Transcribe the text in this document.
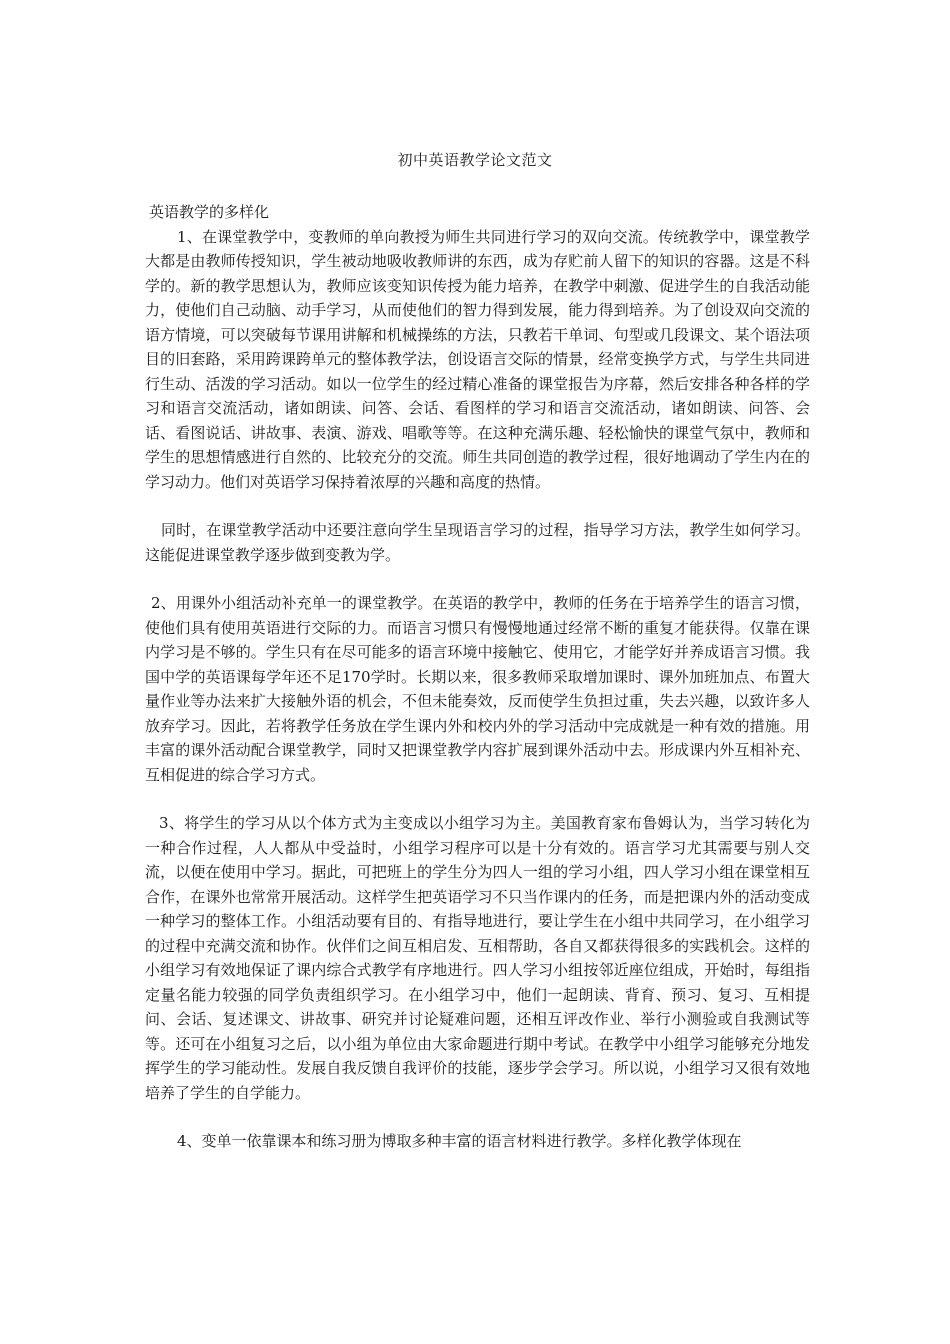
初中英语教学论文范文

英语教学的多样化

1、在课堂教学中，变教师的单向教授为师生共同进行学习的双向交流。传统教学中，课堂教学大都是由教师传授知识，学生被动地吸收教师讲的东西，成为存贮前人留下的知识的容器。这是不科学的。新的教学思想认为，教师应该变知识传授为能力培养，在教学中刺激、促进学生的自我活动能力，使他们自己动脑、动手学习，从而使他们的智力得到发展，能力得到培养。为了创设双向交流的语方情境，可以突破每节课用讲解和机械操练的方法，只教若干单词、句型或几段课文、某个语法项目的旧套路，采用跨课跨单元的整体教学法，创设语言交际的情景，经常变换学方式，与学生共同进行生动、活泼的学习活动。如以一位学生的经过精心准备的课堂报告为序幕，然后安排各种各样的学习和语言交流活动，诸如朗读、问答、会话、看图样的学习和语言交流活动，诸如朗读、问答、会话、看图说话、讲故事、表演、游戏、唱歌等等。在这种充满乐趣、轻松愉快的课堂气氛中，教师和学生的思想情感进行自然的、比较充分的交流。师生共同创造的教学过程，很好地调动了学生内在的学习动力。他们对英语学习保持着浓厚的兴趣和高度的热情。

同时，在课堂教学活动中还要注意向学生呈现语言学习的过程，指导学习方法，教学生如何学习。这能促进课堂教学逐步做到变教为学。

2、用课外小组活动补充单一的课堂教学。在英语的教学中，教师的任务在于培养学生的语言习惯，使他们具有使用英语进行交际的力。而语言习惯只有慢慢地通过经常不断的重复才能获得。仅靠在课内学习是不够的。学生只有在尽可能多的语言环境中接触它、使用它，才能学好并养成语言习惯。我国中学的英语课每学年还不足170学时。长期以来，很多教师采取增加课时、课外加班加点、布置大量作业等办法来扩大接触外语的机会，不但未能奏效，反而使学生负担过重，失去兴趣，以致许多人放弃学习。因此，若将教学任务放在学生课内外和校内外的学习活动中完成就是一种有效的措施。用丰富的课外活动配合课堂教学，同时又把课堂教学内容扩展到课外活动中去。形成课内外互相补充、互相促进的综合学习方式。

3、将学生的学习从以个体方式为主变成以小组学习为主。美国教育家布鲁姆认为，当学习转化为一种合作过程，人人都从中受益时，小组学习程序可以是十分有效的。语言学习尤其需要与别人交流，以便在使用中学习。据此，可把班上的学生分为四人一组的学习小组，四人学习小组在课堂相互合作，在课外也常常开展活动。这样学生把英语学习不只当作课内的任务，而是把课内外的活动变成一种学习的整体工作。小组活动要有目的、有指导地进行，要让学生在小组中共同学习，在小组学习的过程中充满交流和协作。伙伴们之间互相启发、互相帮助，各自又都获得很多的实践机会。这样的小组学习有效地保证了课内综合式教学有序地进行。四人学习小组按邻近座位组成，开始时，每组指定量名能力较强的同学负责组织学习。在小组学习中，他们一起朗读、背育、预习、复习、互相提问、会话、复述课文、讲故事、研究并讨论疑难问题，还相互评改作业、举行小测验或自我测试等等。还可在小组复习之后，以小组为单位由大家命题进行期中考试。在教学中小组学习能够充分地发挥学生的学习能动性。发展自我反馈自我评价的技能，逐步学会学习。所以说，小组学习又很有效地培养了学生的自学能力。

4、变单一依靠课本和练习册为博取多种丰富的语言材料进行教学。多样化教学体现在
